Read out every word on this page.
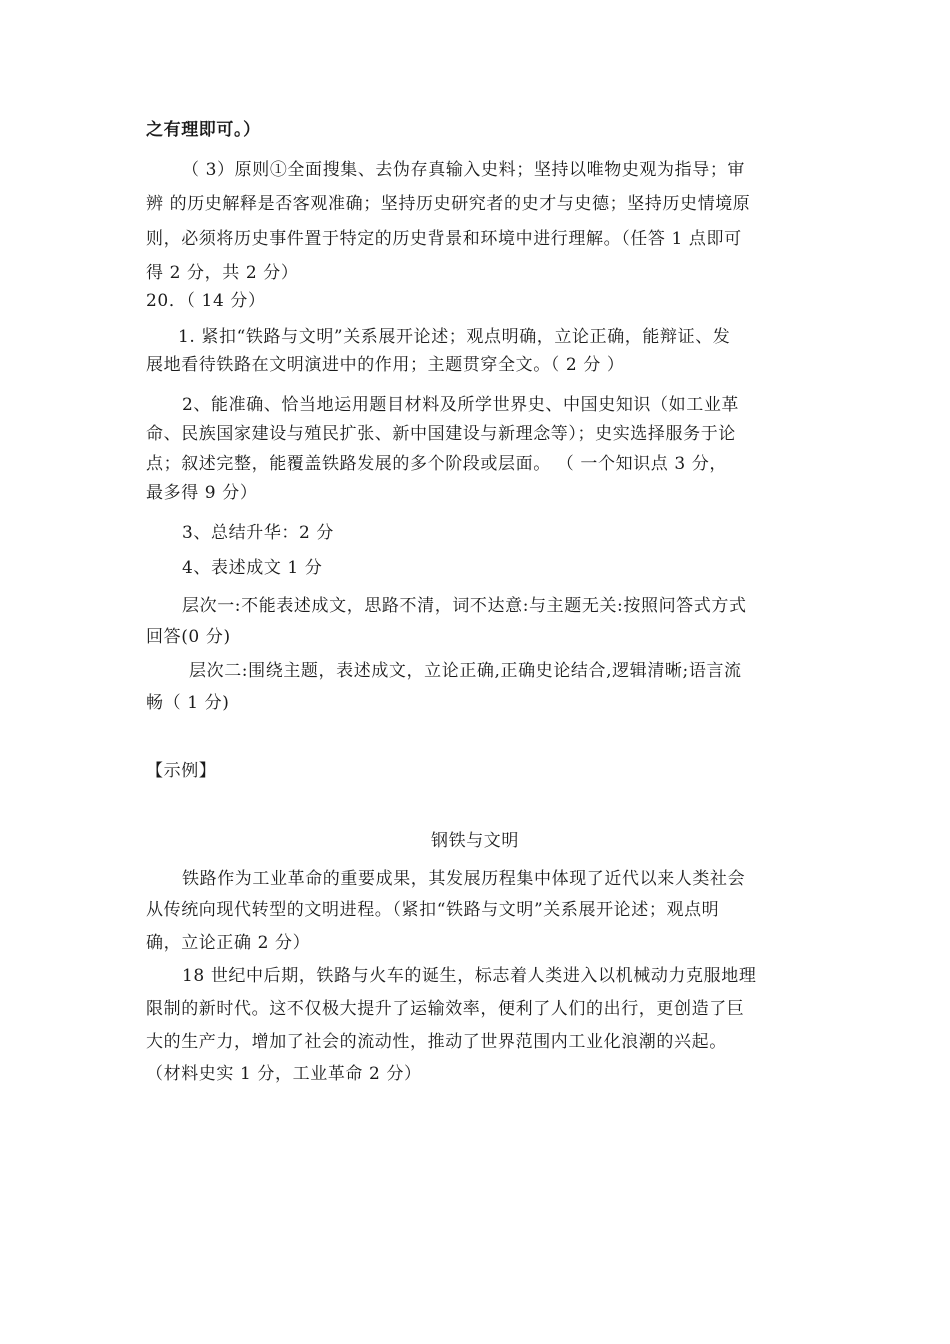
之有理即可。）
（ 3）原则①全面搜集、去伪存真输入史料；坚持以唯物史观为指导；审
辨 的历史解释是否客观准确；坚持历史研究者的史才与史德；坚持历史情境原
则，必须将历史事件置于特定的历史背景和环境中进行理解。（任答 1 点即可
得 2 分，共 2 分）
20．（ 14 分）
1. 紧扣“铁路与文明”关系展开论述；观点明确，立论正确，能辩证、发
展地看待铁路在文明演进中的作用；主题贯穿全文。（ 2 分 ）
2、能准确、恰当地运用题目材料及所学世界史、中国史知识（如工业革
命、民族国家建设与殖民扩张、新中国建设与新理念等）；史实选择服务于论
点；叙述完整，能覆盖铁路发展的多个阶段或层面。 （ 一个知识点 3 分，
最多得 9 分）
3、总结升华：2 分
4、表述成文 1 分
层次一:不能表述成文，思路不清，词不达意:与主题无关:按照问答式方式
回答(0 分)
层次二:围绕主题，表述成文，立论正确,正确史论结合,逻辑清晰;语言流
畅（ 1 分)
【示例】
钢铁与文明
铁路作为工业革命的重要成果，其发展历程集中体现了近代以来人类社会
从传统向现代转型的文明进程。（紧扣“铁路与文明”关系展开论述；观点明
确，立论正确 2 分）
18 世纪中后期，铁路与火车的诞生，标志着人类进入以机械动力克服地理
限制的新时代。这不仅极大提升了运输效率，便利了人们的出行，更创造了巨
大的生产力，增加了社会的流动性，推动了世界范围内工业化浪潮的兴起。
（材料史实 1 分，工业革命 2 分）
